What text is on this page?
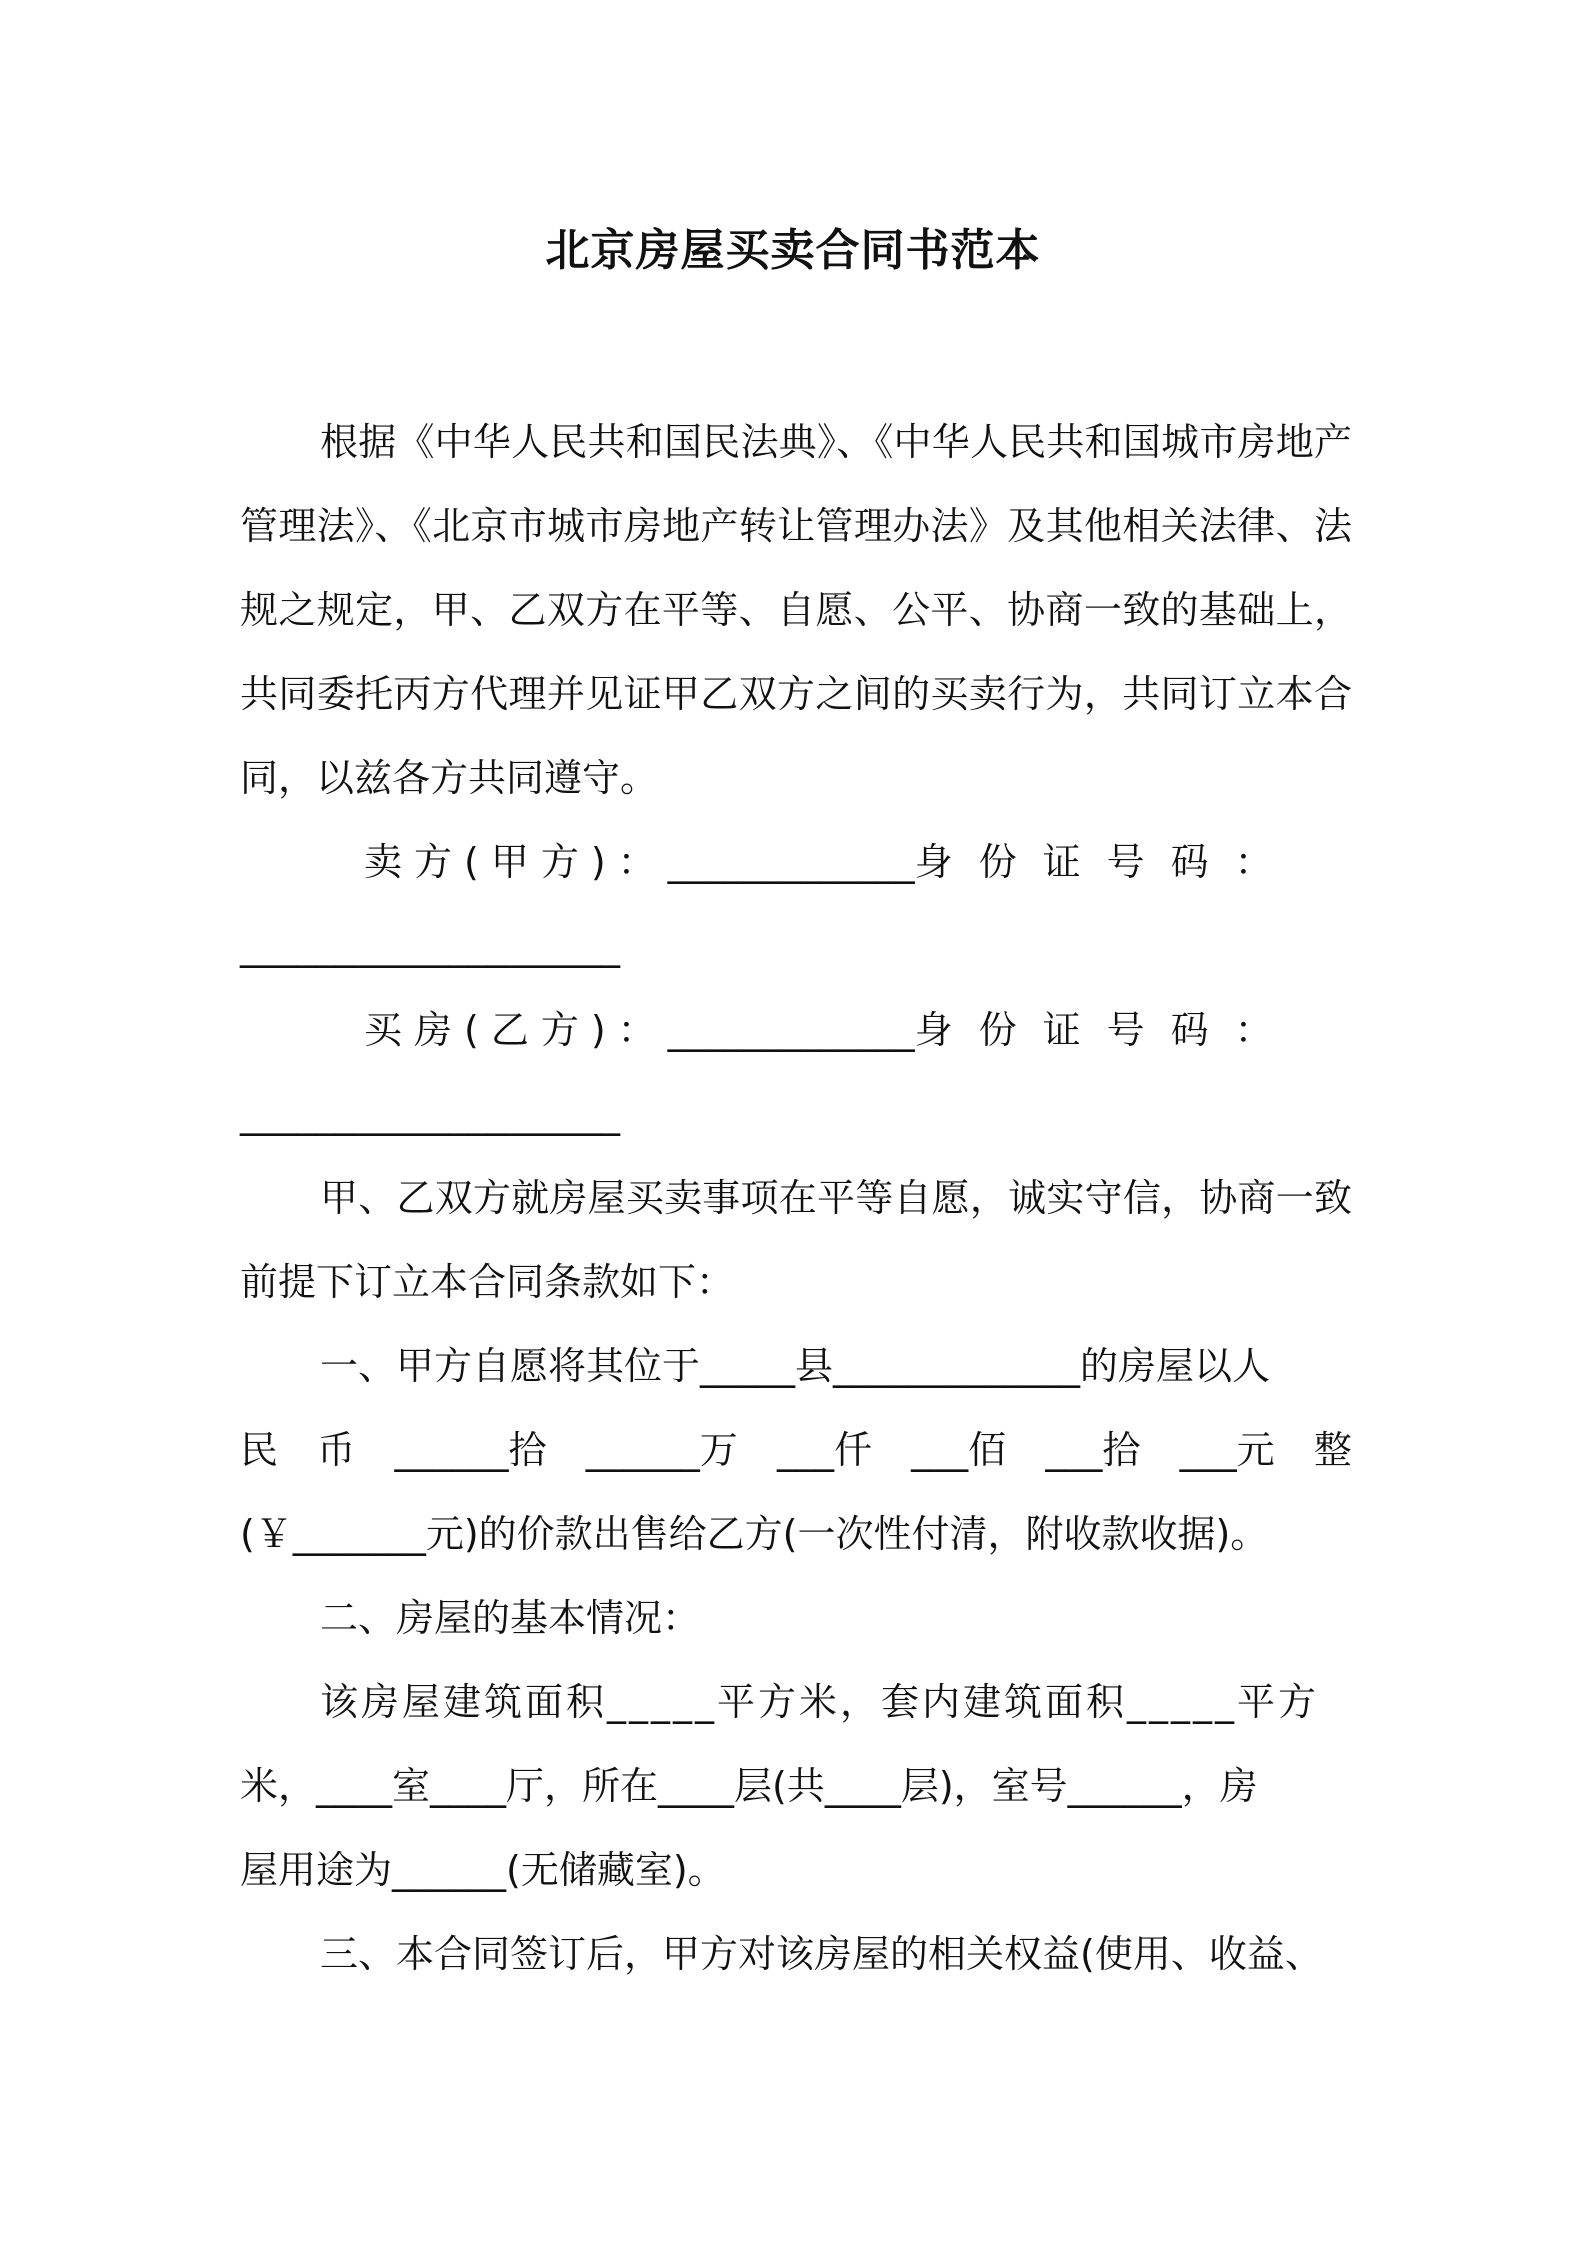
北京房屋买卖合同书范本

根据《中华人民共和国民法典》、《中华人民共和国城市房地产管理法》、《北京市城市房地产转让管理办法》及其他相关法律、法规之规定，甲、乙双方在平等、自愿、公平、协商一致的基础上，共同委托丙方代理并见证甲乙双方之间的买卖行为，共同订立本合同，以兹各方共同遵守。

卖方(甲方)：_____________身份证号码：

____________________

买房(乙方)：_____________身份证号码：

____________________

甲、乙双方就房屋买卖事项在平等自愿，诚实守信，协商一致前提下订立本合同条款如下：

一、甲方自愿将其位于_____县_____________的房屋以人

民 币 ______拾 ______万 ___仟 ___佰 ___拾 ___元 整

(￥_______元)的价款出售给乙方(一次性付清，附收款收据)。

二、房屋的基本情况：

该房屋建筑面积_____平方米，套内建筑面积_____平方

米，____室____厅，所在____层(共____层)，室号______，房

屋用途为______(无储藏室)。

三、本合同签订后，甲方对该房屋的相关权益(使用、收益、
